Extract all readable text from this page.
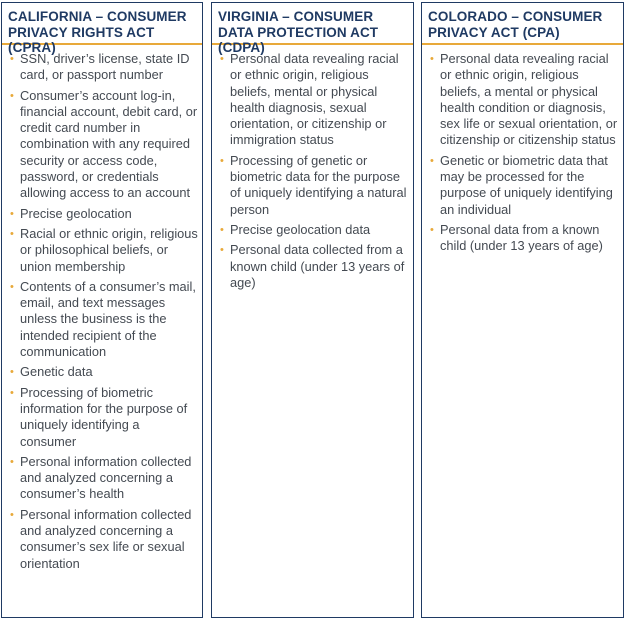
CALIFORNIA – CONSUMER PRIVACY RIGHTS ACT (CPRA)
• SSN, driver’s license, state ID card, or passport number
• Consumer’s account log-in, financial account, debit card, or credit card number in combination with any required security or access code, password, or credentials allowing access to an account
• Precise geolocation
• Racial or ethnic origin, religious or philosophical beliefs, or union membership
• Contents of a consumer’s mail, email, and text messages unless the business is the intended recipient of the communication
• Genetic data
• Processing of biometric information for the purpose of uniquely identifying a consumer
• Personal information collected and analyzed concerning a consumer’s health
• Personal information collected and analyzed concerning a consumer’s sex life or sexual orientation
VIRGINIA – CONSUMER DATA PROTECTION ACT (CDPA)
• Personal data revealing racial or ethnic origin, religious beliefs, mental or physical health diagnosis, sexual orientation, or citizenship or immigration status
• Processing of genetic or biometric data for the purpose of uniquely identifying a natural person
• Precise geolocation data
• Personal data collected from a known child (under 13 years of age)
COLORADO – CONSUMER PRIVACY ACT (CPA)
• Personal data revealing racial or ethnic origin, religious beliefs, a mental or physical health condition or diagnosis, sex life or sexual orientation, or citizenship or citizenship status
• Genetic or biometric data that may be processed for the purpose of uniquely identifying an individual
• Personal data from a known child (under 13 years of age)
